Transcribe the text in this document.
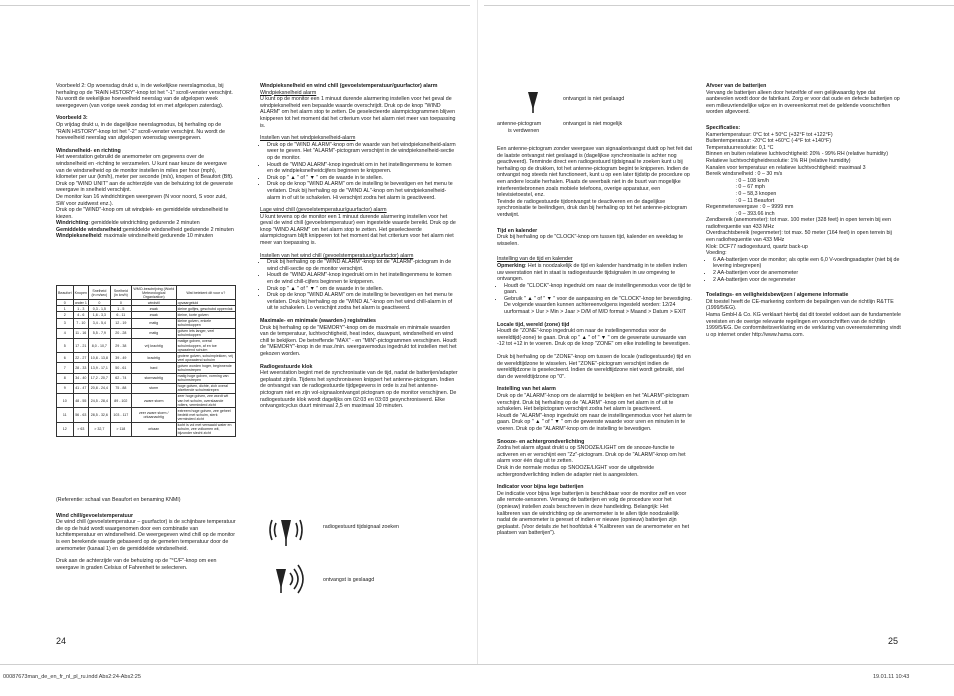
Voorbeeld 2: Op woensdag drukt u, in de wekelijkse neerslagmodus, bij herhaling op de "RAIN HISTORY"-knop tot het "-1" scroll-venster verschijnt. Nu wordt de wekelijkse hoeveelheid neerslag van de afgelopen week weergegeven (van vorige week zondag tot en met afgelopen zaterdag).

Voorbeeld 3:
Op vrijdag drukt u, in de dagelijkse neerslagmodus, bij herhaling op de "RAIN HISTORY"-knop tot het "-2" scroll-venster verschijnt. Nu wordt de hoeveelheid neerslag van afgelopen woensdag weergegeven.

Windsnelheid- en richting

Het weerstation gebruikt de anemometer om gegevens over de windsnelheid en -richting te verzamelen. U kunt naar keuze de weergave van de windsnelheid op de monitor instellen in miles per hour (mph), kilometer per uur (km/h), meter per seconde (m/s), knopen of Beaufort (Bft). Druk op "WIND UNIT" aan de achterzijde van de behuizing tot de gewenste weergave in snelheid verschijnt.

De monitor kan 16 windrichtingen weergeven (N voor noord, S voor zuid, SW voor zuidwest enz.).

Druk op de "WIND"-knop om uit windpiek- en gemiddelde windsnelheid te kiezen.

Windrichting: gemiddelde windrichting gedurende 2 minuten
Gemiddelde windsnelheid:gemiddelde windsnelheid gedurende 2 minuten
Windpieksnelheid: maximale windsnelheid gedurende 10 minuten
Beaufort	Knopen	Snelheid (in m/sec)	Snelheid (in km/h)	WMO-beschrijving (World Meteorological Organization)	Wat betekent dit voor u?
0	onder 1	0	0	windstil	opvaargeluid
1	1 - 3	0,3 - 1,5	1 - 5	zwak	kleine golfjes, geschubd oppervlak
2	4 - 6	1,6 - 3,3	6 - 11	zwak	kleine, korte golven
3	7 - 10	3,4 - 5,4	12 - 19	matig	kleine golven, enkele schuimkoppen
4	11 - 16	5,5 - 7,9	20 - 28	matig	golven iets langer, veel schuimkoppen
5	17 - 21	8,0 - 10,7	29 - 38	vrij krachtig	matige golven, overal schuimkoppen, af en toe opwaaiend schuim
6	22 - 27	10,8 - 13,8	39 - 49	krachtig	grotere golven, schuimplekken, vrij veel opwaaiend schuim
7	28 - 33	13,9 - 17,1	50 - 61	hard	golven worden hoger, beginnende schuimstrepen
8	34 - 40	17,2 - 20,7	62 - 74	stormachtig	matig hoge golven, vorming van schuimstrepen
9	41 - 47	20,8 - 24,4	75 - 88	storm	hoge golven, dichte, zich overal afzettende schuimstrepen
10	48 - 55	24,5 - 28,4	89 - 102	zware storm	zeer hoge golven, zee wordt wit van het schuim, overslaande rollers, verminderd zicht
11	56 - 63	28,5 - 32,6	103 - 117	zeer zware storm / orkaanachtig	extreem hoge golven, zee geheel bedekt met schuim, sterk verminderd zicht
12	> 63	> 32,7	> 118	orkaan	lucht is vol met verwaaid water en schuim, zee volkomen wit, bijzonder slecht zicht

(Referentie: schaal van Beaufort en benaming KNMI)

Wind chill/gevoelstemperatuur

De wind chill (gevoelstemperatuur – guurfactor) is de schijnbare temperatuur die op de huid wordt waargenomen door een combinatie van luchttemperatuur en windsnelheid. De weergegeven wind chill op de monitor is een berekende waarde gebaseerd op de gemeten temperatuur door de anemometer (kanaal 1) en de gemiddelde windsnelheid.

Druk aan de achterzijde van de behuizing op de "°C/F"-knop om een weergave in graden Celsius of Fahrenheit te selecteren.

Windpieksnelheid en wind chill (gevoelstemperatuur/guurfactor) alarm

Windpieksnelheid alarm

U kunt op de monitor een 1 minuut durende alarmering instellen voor het geval de windpieksnelheid een bepaalde waarde overschrijdt. Druk op de knop "WIND ALARM" om het alarm stop te zetten. De geselecteerde alarmpictogrammen blijven knipperen tot het moment dat het criterium voor het alarm niet meer van toepassing is.

Instellen van het windpieksnelheid-alarm

• Druk op de "WIND ALARM"-knop om de waarde van het windpieksnelheid-alarm weer te geven. Het "ALARM"-pictogram verschijnt in de windpieksnelheid-sectie op de monitor.
• Houdt de "WIND ALARM"-knop ingedrukt om in het instellingenmenu te komen en de windpieksnelheidcijfers beginnen te knipperen.
• Druk op " ▲ " of " ▼ " om de waarde in te stellen.
• Druk op de knop "WIND ALARM" om de instelling te bevestigen en het menu te verlaten. Druk bij herhaling op de "WIND AL"-knop om het windpieksnelheid-alarm in of uit te schakelen. Hi verschijnt zodra het alarm is geactiveerd.

Lage wind chill (gevoelstemperatuur/guurfactor) alarm

U kunt tevens op de monitor een 1 minuut durende alarmering instellen voor het geval de wind chill (gevoelstemperatuur) een ingestelde waarde bereikt. Druk op de knop "WIND ALARM" om het alarm stop te zetten. Het geselecteerde alarmpictogram blijft knipperen tot het moment dat het criterium voor het alarm niet meer van toepassing is.

Instellen van het wind chill (gevoelstemperatuur/guurfactor) alarm

• Druk bij herhaling op de "WIND ALARM"-knop tot de "ALARM"-pictogram in de wind chill-sectie op de monitor verschijnt.
• Houdt de "WIND ALARM"-knop ingedrukt om in het instellingenmenu te komen en de wind chill-cijfers beginnen te knipperen.
• Druk op " ▲ " of " ▼ " om de waarde in te stellen.
• Druk op de knop "WIND ALARM" om de instelling te bevestigen en het menu te verlaten. Druk bij herhaling op de "WIND AL"-knop om het wind chill-alarm in of uit te schakelen. Lo verschijnt zodra het alarm is geactiveerd.

Maximale- en minimale (waarden-) registraties

Druk bij herhaling op de "MEMORY"-knop om de maximale en minimale waarden van de temperatuur, luchtvochtigheid, heat index, dauwpunt, windsnelheid en wind chill te bekijken. De betreffende "MAX" - en "MIN"-pictogrammen verschijnen. Houdt de "MEMORY"-knop in de max./min. weergavemodus ingedrukt tot instellen met het gekozen worden.

Radiogestuurde klok

Het weerstation begint met de synchronisatie van de tijd, nadat de batterijen/adapter geplaatst zijn/is. Tijdens het synchroniseren knippert het antenne-pictogram. Indien de ontvangst van de radiogestuurde tijdgegevens in orde is zal het antenne-pictogram niet en zijn vol-signaalontvangst pictogram op de monitor verschijnen. De radiogestuurde klok wordt dagelijks om 02:03 en 03:03 gesynchroniseerd. Elke ontvangstcyclus duurt minimaal 2,5 en maximaal 10 minuten.

radiogestuurd tijdsignaal zoeken
ontvangst is geslaagd
24
ontvangst is niet geslaagd
antenne-pictogram
is verdwenen
ontvangst is niet mogelijk

Een antenne-pictogram zonder weergave van signaalontvangst duidt op het feit dat de laatste ontvangst niet geslaagd is (dagelijkse synchronisatie is achter nog geactiveerd). Tenminde direct een radiogestuurd tijdsignaal te zoeken kunt u bij herhaling op de drukken, tot het antenne-pictogram begint te knipperen. Indien de ontvangst nog steeds niet functioneert, kunt u op een later tijdstip de procedure op een andere locatie herhalen. Plaats de weerbaik niet in de buurt van mogelijke interferentiebronnen zoals mobiele telefoons, overige apparatuur, een televisietoestel, enz.

Tevinde de radiogestuurde tijdontvangst te deactiveren en de dagelijkse synchronisatie te beëindigen, druk dan bij herhaling op tot het antenne-pictogram verdwijnt.

Tijd en kalender

Druk bij herhaling op de "CLOCK"-knop om tussen tijd, kalender en weekdag te wisselen.

Instelling van de tijd en kalender

Opmerking: Het is noodzakelijk de tijd en kalender handmatig in te stellen indien uw weerstation niet in staat is radiogestuurde tijdsignalen in uw omgeving te ontvangen.

• Houdt de "CLOCK"-knop ingedrukt om naar de instellingenmodus voor de tijd te gaan.
• Gebruik " ▲ " of " ▼ " voor de aanpassing en de "CLOCK"-knop ter bevestiging. De volgende waarden kunnen achtereenvolgens ingesteld worden: 12/24 uurformaat > Uur > Min > Jaar > D/M of M/D format > Maand > Datum > EXIT

Locale tijd, wereld (zone) tijd

Houdt de "ZONE"-knop ingedrukt om naar de instellingenmodus voor de wereldtijd(-zone) te gaan. Druk op " ▲ " of " ▼ " om de gewenste uurwaarde van -12 tot +12 in te voeren. Druk op de knop "ZONE" om elke instelling te bevestigen.

Druk bij herhaling op de "ZONE"-knop om tussen de locale (radiogestuurde) tijd en de wereldtijdzone te wisselen. Het "ZONE"-pictogram verschijnt indien de wereldtijdzone is geselecteerd. Indien de wereldtijdzone niet wordt gebruikt, stel dan de wereldtijdzone op "0".

Instelling van het alarm

Druk op de "ALARM"-knop om de alarmtijd te bekijken en het "ALARM"-pictogram verschijnt. Druk bij herhaling op de "ALARM" -knop om het alarm in of uit te schakelen. Het belpictogram verschijnt zodra het alarm is geactiveerd.

Houdt de "ALARM"-knop ingedrukt om naar de instellingenmodus voor het alarm te gaan. Druk op " ▲ " of " ▼ " om de gewenste waarde voor uren en minuten in te voeren. Druk op de "ALARM"-knop om de instelling te bevestigen.

Snooze- en achtergrondverlichting

Zodra het alarm afgaat drukt u op SNOOZE/LIGHT om de snooze-functie te activeren en er verschijnt een "Zz"-pictogram. Druk op de "ALARM"-knop om het alarm voor één dag uit te zetten.

Druk in de normale modus op SNOOZE/LIGHT voor de uitgebreide achtergrondverlichting indien de adapter niet is aangesloten.

Indicator voor bijna lege batterijen

De indicatie voor bijna lege batterijen is beschikbaar voor de monitor zelf en voor alle remote-sensoren. Vervang de batterijen en volg de procedure voor het (opnieuw) instellen zoals beschreven in deze handleiding. Belangrijk: Het kalibreren van de windrichting op de anemometer is te allen tijde noodzakelijk nadat de anemometer is gereset of indien er nieuwe (opnieuw) batterijen zijn geplaatst. (Voor details zie het hoofdstuk 4 "Kalibreren van de anemometer en het plaatsen van batterijen").

Afvoer van de batterijen

Vervang de batterijen alleen door hetzelfde of een gelijkwaardig type dat aanbevolen wordt door de fabrikant. Zorg er voor dat oude en defecte batterijen op een milieuvriendelijke wijze en in overeenkomst met de geldende voorschriften worden afgevoerd.

Specificaties:

Kamertemperatuur: 0°C tot + 50°C (+32°F tot +122°F)
Buitentemperatuur: -20°C tot +60°C (-4°F tot +140°F)
Temperatuurresolutie: 0,1 °C
Binnen en buiten relatieve luchtvochtigheid: 20% - 99% RH (relative humidity)
Relatieve luchtvochtigheidresolutie: 1% RH (relative humidity)
Kanalen voor temperatuur en relatieve luchtvochtigheid: maximaal 3
Bereik windsnelheid : 0 – 30 m/s
: 0 – 108 km/h
: 0 – 67 mph
: 0 – 58,3 knopen
: 0 – 11 Beaufort
Regenmeterweergave : 0 – 9999 mm
: 0 – 393.66 inch
Zendbereik (anemometer): tot max. 100 meter (328 feet) in open terrein bij een radiofrequentie van 433 MHz
Overdrachtsbereik (regenmeter): tot max. 50 meter (164 feet) in open terrein bij een radiofrequentie van 433 MHz
Klok: DCF77 radiogestuurd, quartz back-up
Voeding:
• 6 AA-batterijen voor de monitor; als optie een 6,0 V-voedingsadapter (niet bij de levering inbegrepen)
• 2 AA-batterijen voor de anemometer
• 2 AA-batterijen voor de regenmeter

Toelatings- en veiligheidsbewijzen / algemene informatie

Dit toestel heeft de CE-markering conform de bepalingen van de richtlijn R&TTE (1999/5/EG).

Hama GmbH & Co. KG verklaart hierbij dat dit toestel voldoet aan de fundamentele vereisten en de overige relevante regelingen en voorschriften van de richtlijn 1999/5/EG. De conformiteitsverklaring en de verklaring van overeenstemming vindt u op internet onder http://www.hama.com.

25
00087673man_de_en_fr_nl_pl_ru.indd Abs2:24-Abs2:25	19.01.11 10:43
